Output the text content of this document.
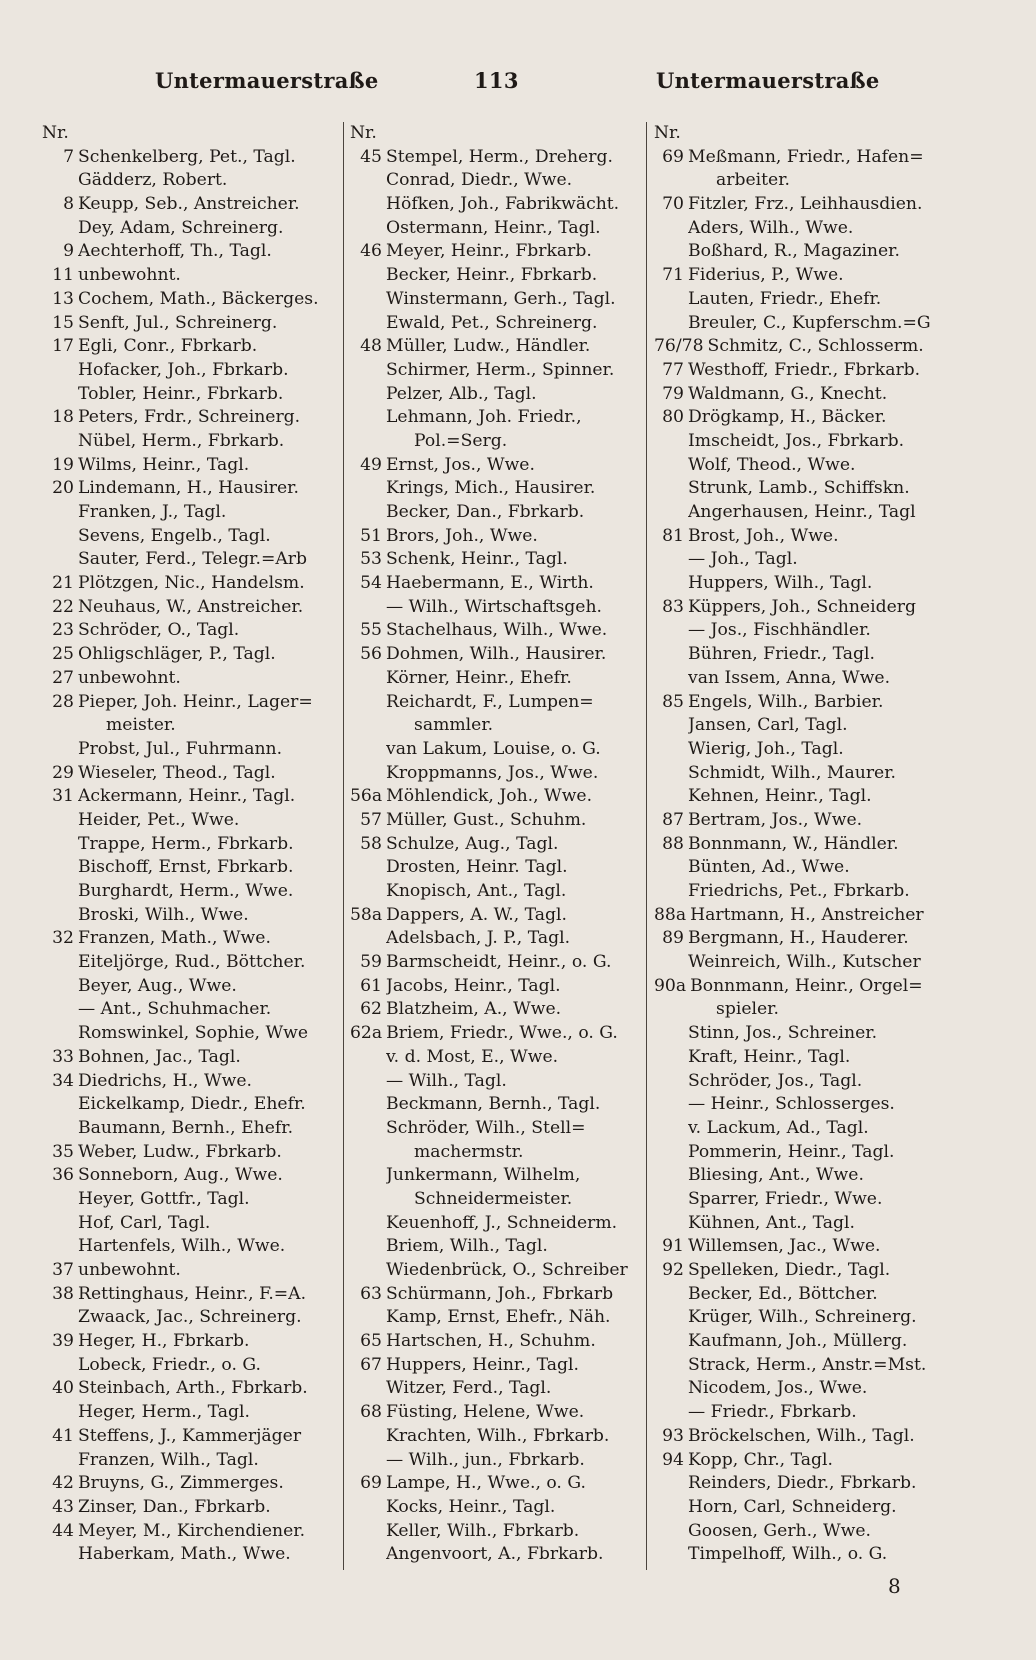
Untermauerstraße	113	Untermauerstraße
Nr.
7 Schenkelberg, Pet., Tagl.
Gädderz, Robert.
8 Keupp, Seb., Anstreicher.
Dey, Adam, Schreinerg.
9 Aechterhoff, Th., Tagl.
11 unbewohnt.
13 Cochem, Math., Bäckerges.
15 Senft, Jul., Schreinerg.
17 Egli, Conr., Fbrkarb.
Hofacker, Joh., Fbrkarb.
Tobler, Heinr., Fbrkarb.
18 Peters, Frdr., Schreinerg.
Nübel, Herm., Fbrkarb.
19 Wilms, Heinr., Tagl.
20 Lindemann, H., Hausirer.
Franken, J., Tagl.
Sevens, Engelb., Tagl.
Sauter, Ferd., Telegr.=Arb
21 Plötzgen, Nic., Handelsm.
22 Neuhaus, W., Anstreicher.
23 Schröder, O., Tagl.
25 Ohligschläger, P., Tagl.
27 unbewohnt.
28 Pieper, Joh. Heinr., Lager=
meister.
Probst, Jul., Fuhrmann.
29 Wieseler, Theod., Tagl.
31 Ackermann, Heinr., Tagl.
Heider, Pet., Wwe.
Trappe, Herm., Fbrkarb.
Bischoff, Ernst, Fbrkarb.
Burghardt, Herm., Wwe.
Broski, Wilh., Wwe.
32 Franzen, Math., Wwe.
Eiteljörge, Rud., Böttcher.
Beyer, Aug., Wwe.
— Ant., Schuhmacher.
Romswinkel, Sophie, Wwe
33 Bohnen, Jac., Tagl.
34 Diedrichs, H., Wwe.
Eickelkamp, Diedr., Ehefr.
Baumann, Bernh., Ehefr.
35 Weber, Ludw., Fbrkarb.
36 Sonneborn, Aug., Wwe.
Heyer, Gottfr., Tagl.
Hof, Carl, Tagl.
Hartenfels, Wilh., Wwe.
37 unbewohnt.
38 Rettinghaus, Heinr., F.=A.
Zwaack, Jac., Schreinerg.
39 Heger, H., Fbrkarb.
Lobeck, Friedr., o. G.
40 Steinbach, Arth., Fbrkarb.
Heger, Herm., Tagl.
41 Steffens, J., Kammerjäger
Franzen, Wilh., Tagl.
42 Bruyns, G., Zimmerges.
43 Zinser, Dan., Fbrkarb.
44 Meyer, M., Kirchendiener.
Haberkam, Math., Wwe.
Nr.
45 Stempel, Herm., Dreherg.
Conrad, Diedr., Wwe.
Höfken, Joh., Fabrikwächt.
Ostermann, Heinr., Tagl.
46 Meyer, Heinr., Fbrkarb.
Becker, Heinr., Fbrkarb.
Winstermann, Gerh., Tagl.
Ewald, Pet., Schreinerg.
48 Müller, Ludw., Händler.
Schirmer, Herm., Spinner.
Pelzer, Alb., Tagl.
Lehmann, Joh. Friedr.,
Pol.=Serg.
49 Ernst, Jos., Wwe.
Krings, Mich., Hausirer.
Becker, Dan., Fbrkarb.
51 Brors, Joh., Wwe.
53 Schenk, Heinr., Tagl.
54 Haebermann, E., Wirth.
— Wilh., Wirtschaftsgeh.
55 Stachelhaus, Wilh., Wwe.
56 Dohmen, Wilh., Hausirer.
Körner, Heinr., Ehefr.
Reichardt, F., Lumpen=
sammler.
van Lakum, Louise, o. G.
Kroppmanns, Jos., Wwe.
56a Möhlendick, Joh., Wwe.
57 Müller, Gust., Schuhm.
58 Schulze, Aug., Tagl.
Drosten, Heinr. Tagl.
Knopisch, Ant., Tagl.
58a Dappers, A. W., Tagl.
Adelsbach, J. P., Tagl.
59 Barmscheidt, Heinr., o. G.
61 Jacobs, Heinr., Tagl.
62 Blatzheim, A., Wwe.
62a Briem, Friedr., Wwe., o. G.
v. d. Most, E., Wwe.
— Wilh., Tagl.
Beckmann, Bernh., Tagl.
Schröder, Wilh., Stell=
machermstr.
Junkermann, Wilhelm,
Schneidermeister.
Keuenhoff, J., Schneiderm.
Briem, Wilh., Tagl.
Wiedenbrück, O., Schreiber
63 Schürmann, Joh., Fbrkarb
Kamp, Ernst, Ehefr., Näh.
65 Hartschen, H., Schuhm.
67 Huppers, Heinr., Tagl.
Witzer, Ferd., Tagl.
68 Füsting, Helene, Wwe.
Krachten, Wilh., Fbrkarb.
— Wilh., jun., Fbrkarb.
69 Lampe, H., Wwe., o. G.
Kocks, Heinr., Tagl.
Keller, Wilh., Fbrkarb.
Angenvoort, A., Fbrkarb.
Nr.
69 Meßmann, Friedr., Hafen=
arbeiter.
70 Fitzler, Frz., Leihhausdien.
Aders, Wilh., Wwe.
Boßhard, R., Magaziner.
71 Fiderius, P., Wwe.
Lauten, Friedr., Ehefr.
Breuler, C., Kupferschm.=G
76/78 Schmitz, C., Schlosserm.
77 Westhoff, Friedr., Fbrkarb.
79 Waldmann, G., Knecht.
80 Drögkamp, H., Bäcker.
Imscheidt, Jos., Fbrkarb.
Wolf, Theod., Wwe.
Strunk, Lamb., Schiffskn.
Angerhausen, Heinr., Tagl
81 Brost, Joh., Wwe.
— Joh., Tagl.
Huppers, Wilh., Tagl.
83 Küppers, Joh., Schneiderg
— Jos., Fischhändler.
Bühren, Friedr., Tagl.
van Issem, Anna, Wwe.
85 Engels, Wilh., Barbier.
Jansen, Carl, Tagl.
Wierig, Joh., Tagl.
Schmidt, Wilh., Maurer.
Kehnen, Heinr., Tagl.
87 Bertram, Jos., Wwe.
88 Bonnmann, W., Händler.
Bünten, Ad., Wwe.
Friedrichs, Pet., Fbrkarb.
88a Hartmann, H., Anstreicher
89 Bergmann, H., Hauderer.
Weinreich, Wilh., Kutscher
90a Bonnmann, Heinr., Orgel=
spieler.
Stinn, Jos., Schreiner.
Kraft, Heinr., Tagl.
Schröder, Jos., Tagl.
— Heinr., Schlosserges.
v. Lackum, Ad., Tagl.
Pommerin, Heinr., Tagl.
Bliesing, Ant., Wwe.
Sparrer, Friedr., Wwe.
Kühnen, Ant., Tagl.
91 Willemsen, Jac., Wwe.
92 Spelleken, Diedr., Tagl.
Becker, Ed., Böttcher.
Krüger, Wilh., Schreinerg.
Kaufmann, Joh., Müllerg.
Strack, Herm., Anstr.=Mst.
Nicodem, Jos., Wwe.
— Friedr., Fbrkarb.
93 Bröckelschen, Wilh., Tagl.
94 Kopp, Chr., Tagl.
Reinders, Diedr., Fbrkarb.
Horn, Carl, Schneiderg.
Goosen, Gerh., Wwe.
Timpelhoff, Wilh., o. G.
8
